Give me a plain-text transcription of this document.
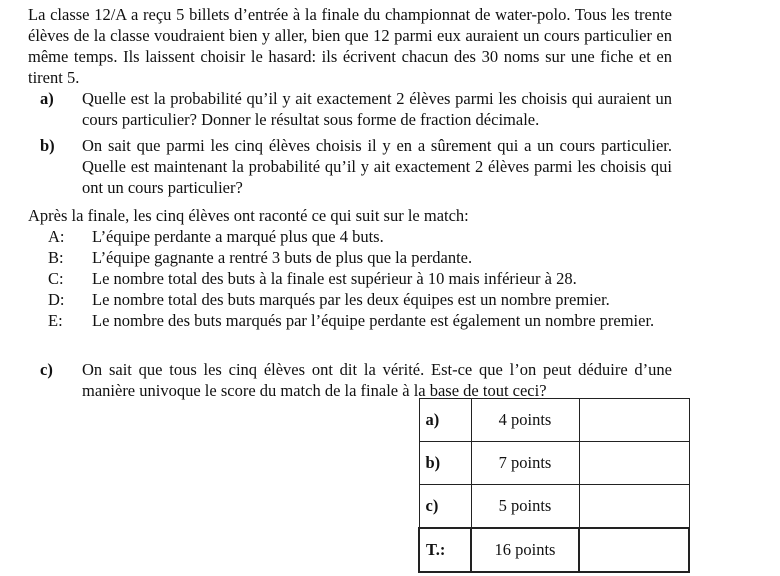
La classe 12/A a reçu 5 billets d’entrée à la finale du championnat de water-polo. Tous les trente élèves de la classe voudraient bien y aller, bien que 12 parmi eux auraient un cours particulier en même temps. Ils laissent choisir le hasard: ils écrivent chacun des 30 noms sur une fiche et en tirent 5.
a) Quelle est la probabilité qu’il y ait exactement 2 élèves parmi les choisis qui auraient un cours particulier? Donner le résultat sous forme de fraction décimale.
b) On sait que parmi les cinq élèves choisis il y en a sûrement qui a un cours particulier. Quelle est maintenant la probabilité qu’il y ait exactement 2 élèves parmi les choisis qui ont un cours particulier?
Après la finale, les cinq élèves ont raconté ce qui suit sur le match:
A: L’équipe perdante a marqué plus que 4 buts.
B: L’équipe gagnante a rentré 3 buts de plus que la perdante.
C: Le nombre total des buts à la finale est supérieur à 10 mais inférieur à 28.
D: Le nombre total des buts marqués par les deux équipes est un nombre premier.
E: Le nombre des buts marqués par l’équipe perdante est également un nombre premier.
c) On sait que tous les cinq élèves ont dit la vérité. Est-ce que l’on peut déduire d’une manière univoque le score du match de la finale à la base de tout ceci?
a)	4 points	
b)	7 points	
c)	5 points	
T.:	16 points	
